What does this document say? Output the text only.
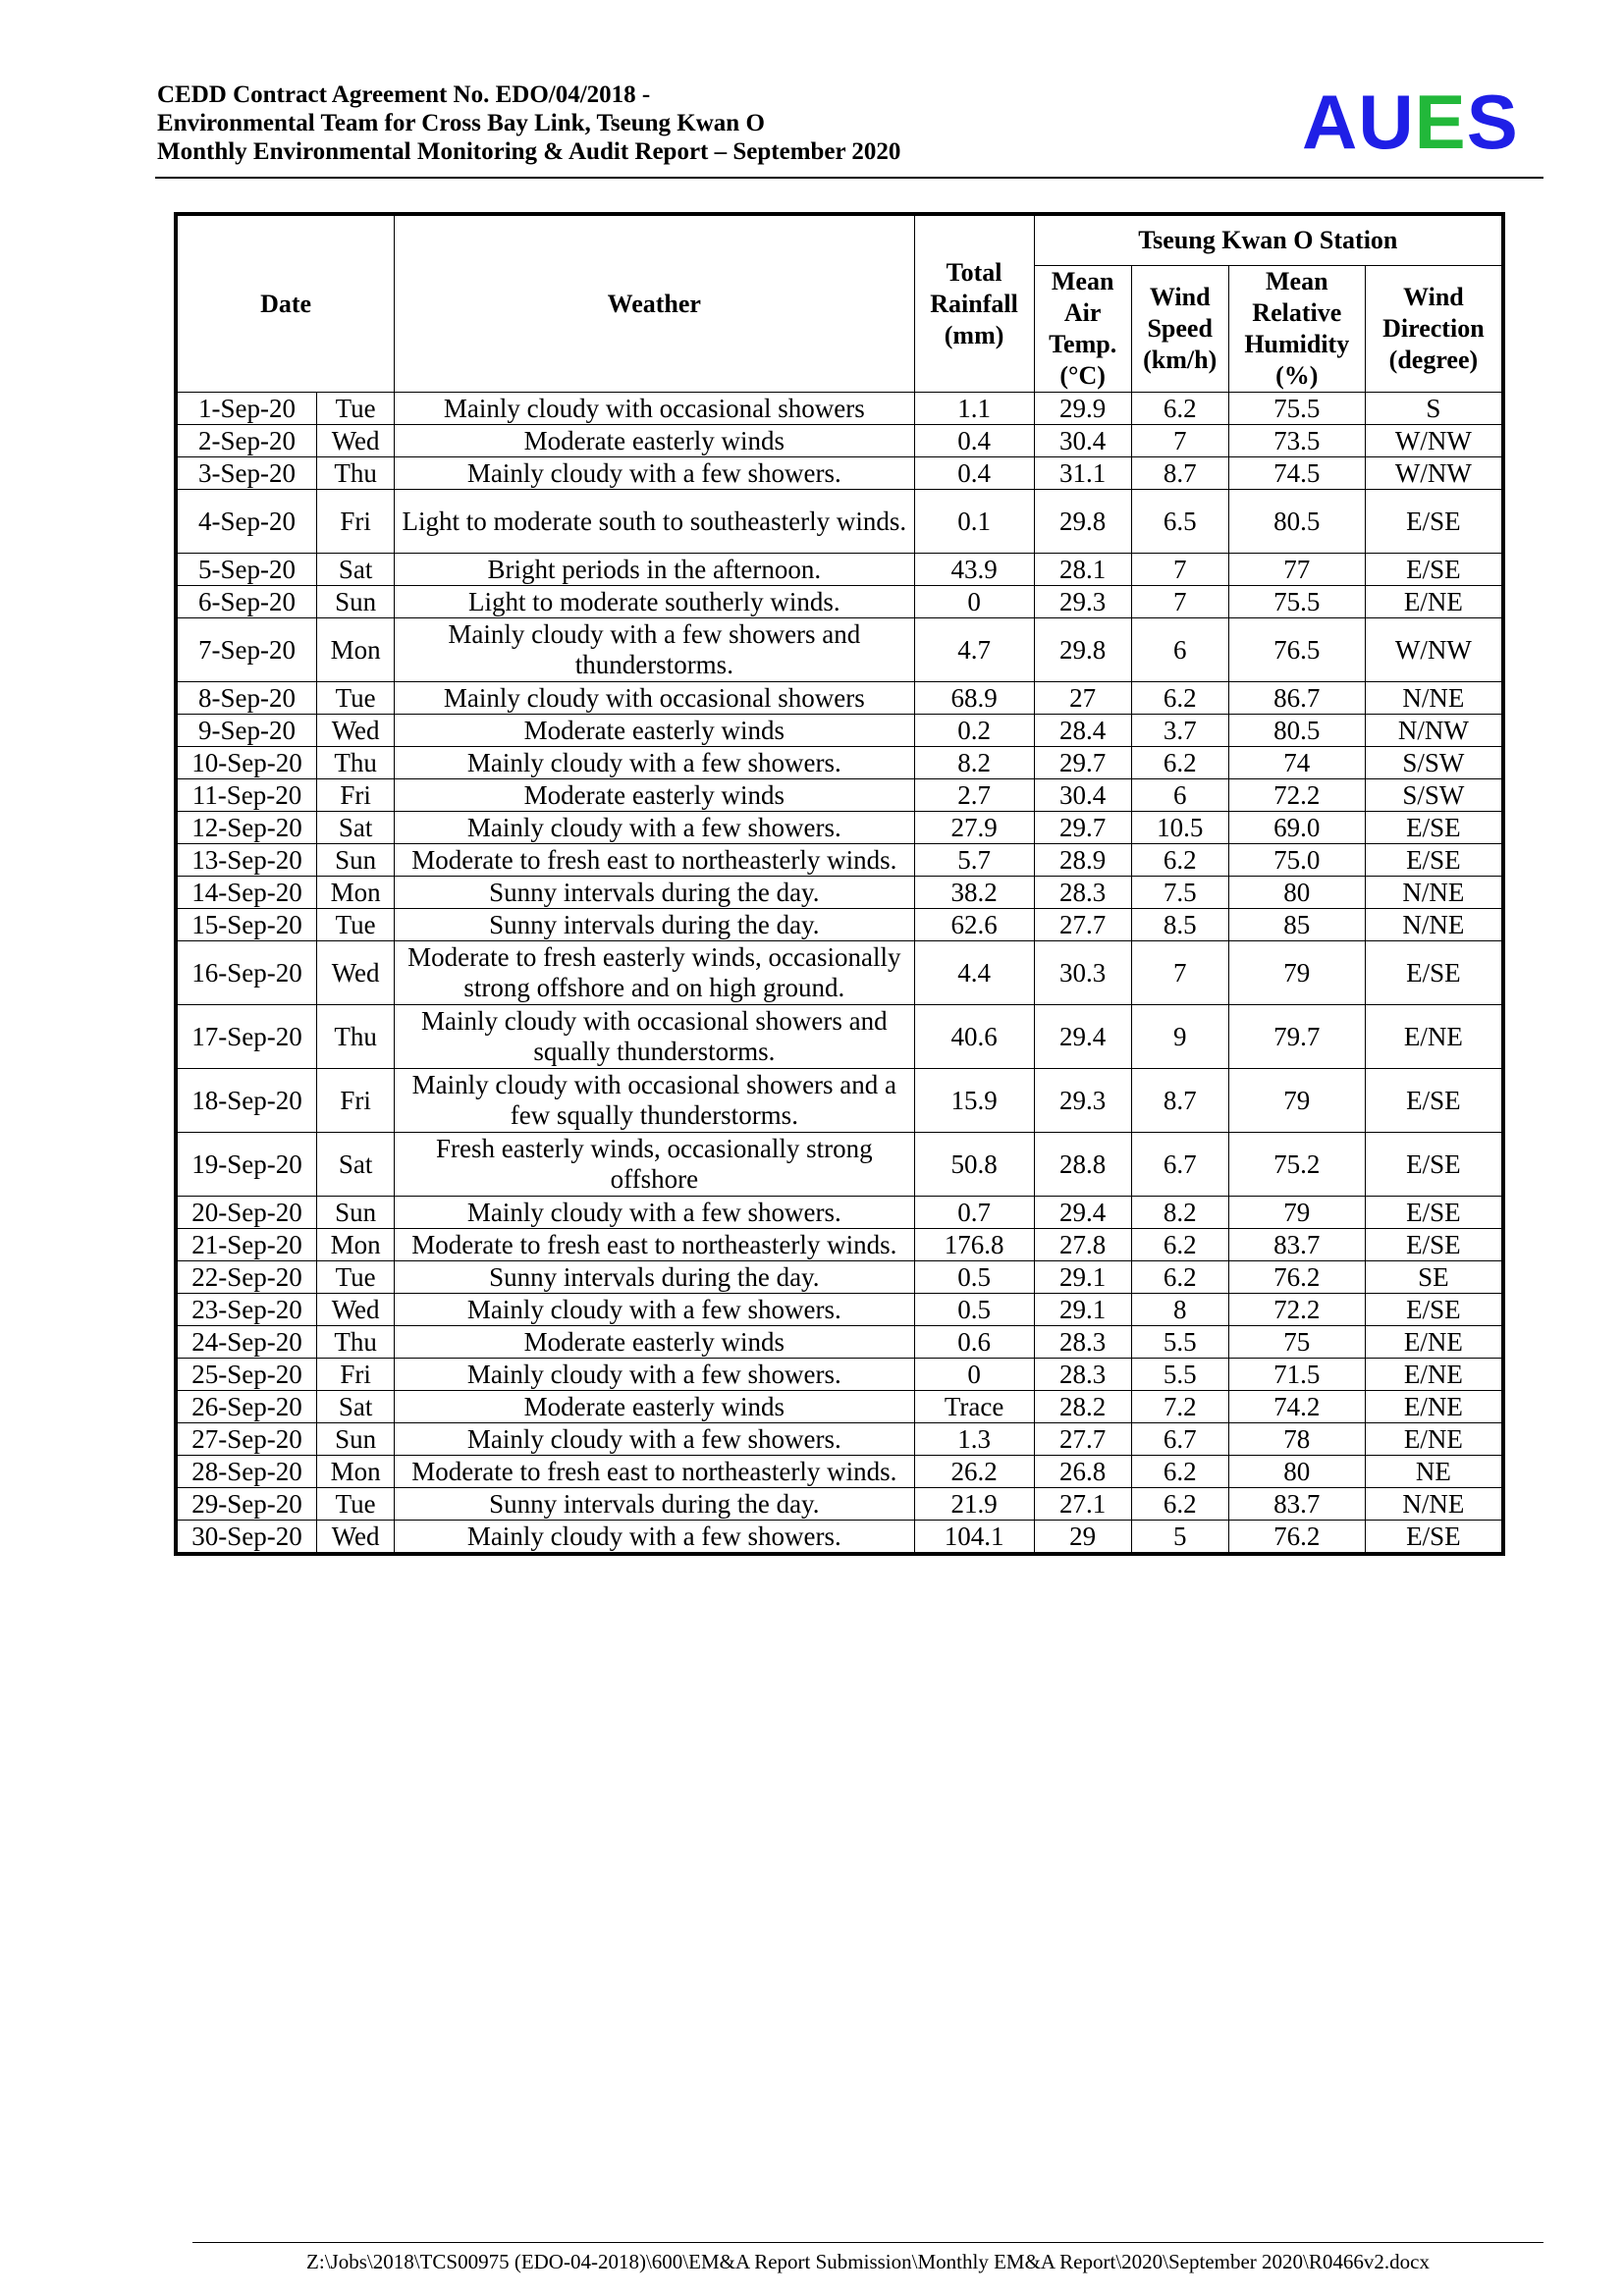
CEDD Contract Agreement No. EDO/04/2018 -
Environmental Team for Cross Bay Link, Tseung Kwan O
Monthly Environmental Monitoring & Audit Report – September 2020	AUES
Date		Weather	Total Rainfall (mm)	Tseung Kwan O Station			
				Mean Air Temp. (°C)	Wind Speed (km/h)	Mean Relative Humidity (%)	Wind Direction (degree)
1-Sep-20	Tue	Mainly cloudy with occasional showers	1.1	29.9	6.2	75.5	S
2-Sep-20	Wed	Moderate easterly winds	0.4	30.4	7	73.5	W/NW
3-Sep-20	Thu	Mainly cloudy with a few showers.	0.4	31.1	8.7	74.5	W/NW
4-Sep-20	Fri	Light to moderate south to southeasterly winds.	0.1	29.8	6.5	80.5	E/SE
5-Sep-20	Sat	Bright periods in the afternoon.	43.9	28.1	7	77	E/SE
6-Sep-20	Sun	Light to moderate southerly winds.	0	29.3	7	75.5	E/NE
7-Sep-20	Mon	Mainly cloudy with a few showers and thunderstorms.	4.7	29.8	6	76.5	W/NW
8-Sep-20	Tue	Mainly cloudy with occasional showers	68.9	27	6.2	86.7	N/NE
9-Sep-20	Wed	Moderate easterly winds	0.2	28.4	3.7	80.5	N/NW
10-Sep-20	Thu	Mainly cloudy with a few showers.	8.2	29.7	6.2	74	S/SW
11-Sep-20	Fri	Moderate easterly winds	2.7	30.4	6	72.2	S/SW
12-Sep-20	Sat	Mainly cloudy with a few showers.	27.9	29.7	10.5	69.0	E/SE
13-Sep-20	Sun	Moderate to fresh east to northeasterly winds.	5.7	28.9	6.2	75.0	E/SE
14-Sep-20	Mon	Sunny intervals during the day.	38.2	28.3	7.5	80	N/NE
15-Sep-20	Tue	Sunny intervals during the day.	62.6	27.7	8.5	85	N/NE
16-Sep-20	Wed	Moderate to fresh easterly winds, occasionally strong offshore and on high ground.	4.4	30.3	7	79	E/SE
17-Sep-20	Thu	Mainly cloudy with occasional showers and squally thunderstorms.	40.6	29.4	9	79.7	E/NE
18-Sep-20	Fri	Mainly cloudy with occasional showers and a few squally thunderstorms.	15.9	29.3	8.7	79	E/SE
19-Sep-20	Sat	Fresh easterly winds, occasionally strong offshore	50.8	28.8	6.7	75.2	E/SE
20-Sep-20	Sun	Mainly cloudy with a few showers.	0.7	29.4	8.2	79	E/SE
21-Sep-20	Mon	Moderate to fresh east to northeasterly winds.	176.8	27.8	6.2	83.7	E/SE
22-Sep-20	Tue	Sunny intervals during the day.	0.5	29.1	6.2	76.2	SE
23-Sep-20	Wed	Mainly cloudy with a few showers.	0.5	29.1	8	72.2	E/SE
24-Sep-20	Thu	Moderate easterly winds	0.6	28.3	5.5	75	E/NE
25-Sep-20	Fri	Mainly cloudy with a few showers.	0	28.3	5.5	71.5	E/NE
26-Sep-20	Sat	Moderate easterly winds	Trace	28.2	7.2	74.2	E/NE
27-Sep-20	Sun	Mainly cloudy with a few showers.	1.3	27.7	6.7	78	E/NE
28-Sep-20	Mon	Moderate to fresh east to northeasterly winds.	26.2	26.8	6.2	80	NE
29-Sep-20	Tue	Sunny intervals during the day.	21.9	27.1	6.2	83.7	N/NE
30-Sep-20	Wed	Mainly cloudy with a few showers.	104.1	29	5	76.2	E/SE
Z:\Jobs\2018\TCS00975 (EDO-04-2018)\600\EM&A Report Submission\Monthly EM&A Report\2020\September 2020\R0466v2.docx
